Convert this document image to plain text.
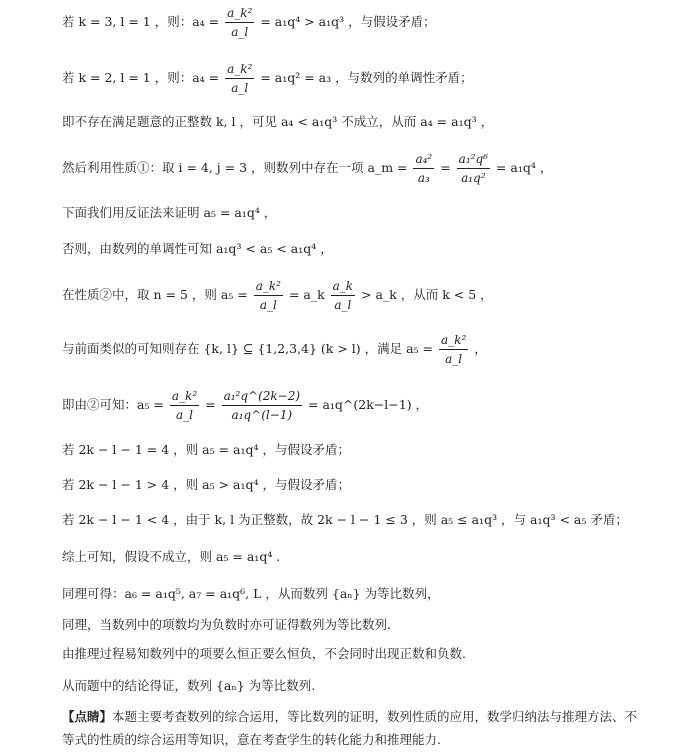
若 k = 3, l = 1 ，则：$a_4 = \frac{\text{a\_k²}}{a\_l} = a_1q^4 > a_1q^3$ ，与假设矛盾；
若 k = 2, l = 1 ，则：$a_4 = \frac{\text{a\_k²}}{a\_l} = a_1q^2 = a_3$ ，与数列的单调性矛盾；
即不存在满足题意的正整数 k, l ，可见 a₄ < a₁q³ 不成立，从而 a₄ = a₁q³ ，
然后利用性质①：取 i = 4, j = 3 ，则数列中存在一项 a_m = $\frac{\text{a₄²}}{\text{a₃}} = \frac{\text{a₁²q⁶}}{\text{a₁q²}} = a_1q^4$ ，
下面我们用反证法来证明 a₅ = a₁q⁴ ，
否则，由数列的单调性可知 a₁q³ < a₅ < a₁q⁴ ，
在性质②中，取 n = 5 ，则 $a_5 = \frac{\text{a\_k²}}{a\_l}$ = a_k $\frac{a\_k}{a\_l}$ > a_k ，从而 k < 5 ，
与前面类似的可知则存在 {k, l} ⊆ {1,2,3,4} (k > l) ，满足 $a_5 = \frac{\text{a\_k²}}{a\_l}$ ，
即由②可知：$a_5 = \frac{\text{a\_k²}}{a\_l} = \frac{\text{a₁²q\textasciicircum{}(2k−2)}}{\text{a₁q\textasciicircum{}(l−1)}}$ = a₁q^(2k−l−1) ，
若 2k − l − 1 = 4 ，则 a₅ = a₁q⁴ ，与假设矛盾；
若 2k − l − 1 > 4 ，则 a₅ > a₁q⁴ ，与假设矛盾；
若 2k − l − 1 < 4 ，由于 k, l 为正整数，故 2k − l − 1 ≤ 3 ，则 a₅ ≤ a₁q³ ，与 a₁q³ < a₅ 矛盾；
综上可知，假设不成立，则 a₅ = a₁q⁴ .
同理可得：a₆ = a₁q⁵, a₇ = a₁q⁶, L ，从而数列 {aₙ} 为等比数列，
同理，当数列中的项数均为负数时亦可证得数列为等比数列.
由推理过程易知数列中的项要么恒正要么恒负，不会同时出现正数和负数.
从而题中的结论得证，数列 {aₙ} 为等比数列.
【点睛】本题主要考查数列的综合运用，等比数列的证明，数列性质的应用，数学归纳法与推理方法、不
等式的性质的综合运用等知识，意在考查学生的转化能力和推理能力.
